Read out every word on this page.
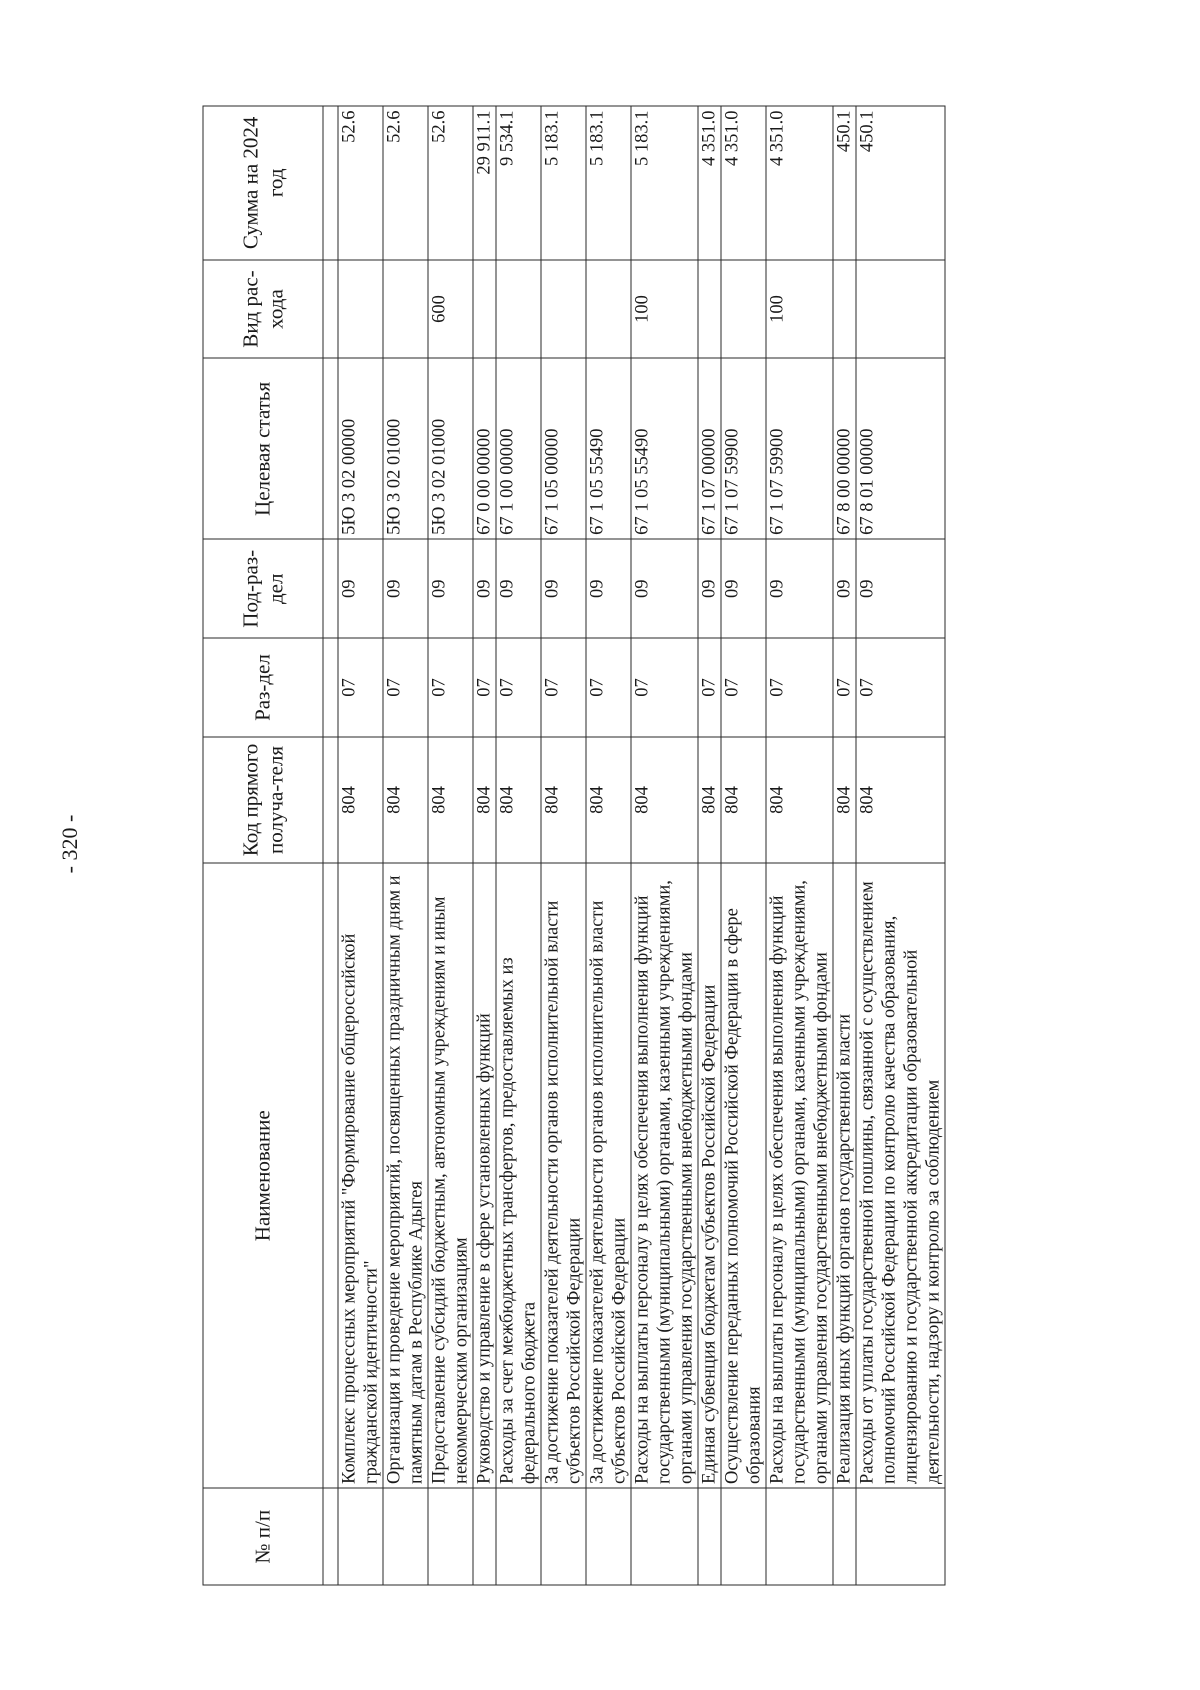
- 320 -
№ п/п	Наименование	Код прямого получа-теля	Раз-дел	Под-раз-дел	Целевая статья	Вид рас-хода	Сумма на 2024 год

	Комплекс процессных мероприятий "Формирование общероссийской гражданской идентичности"	804	07	09	5Ю 3 02 00000		52.6
	Организация и проведение мероприятий, посвященных праздничным дням и памятным датам в Республике Адыгея	804	07	09	5Ю 3 02 01000		52.6
	Предоставление субсидий бюджетным, автономным учреждениям и иным некоммерческим организациям	804	07	09	5Ю 3 02 01000	600	52.6
	Руководство и управление в сфере установленных функций	804	07	09	67 0 00 00000		29 911.1
	Расходы за счет межбюджетных трансфертов, предоставляемых из федерального бюджета	804	07	09	67 1 00 00000		9 534.1
	За достижение показателей деятельности органов исполнительной власти субъектов Российской Федерации	804	07	09	67 1 05 00000		5 183.1
	За достижение показателей деятельности органов исполнительной власти субъектов Российской Федерации	804	07	09	67 1 05 55490		5 183.1
	Расходы на выплаты персоналу в целях обеспечения выполнения функций государственными (муниципальными) органами, казенными учреждениями, органами управления государственными внебюджетными фондами	804	07	09	67 1 05 55490	100	5 183.1
	Единая субвенция бюджетам субъектов Российской Федерации	804	07	09	67 1 07 00000		4 351.0
	Осуществление переданных полномочий Российской Федерации в сфере образования	804	07	09	67 1 07 59900		4 351.0
	Расходы на выплаты персоналу в целях обеспечения выполнения функций государственными (муниципальными) органами, казенными учреждениями, органами управления государственными внебюджетными фондами	804	07	09	67 1 07 59900	100	4 351.0
	Реализация иных функций органов государственной власти	804	07	09	67 8 00 00000		450.1
	Расходы от уплаты государственной пошлины, связанной с осуществлением полномочий Российской Федерации по контролю качества образования, лицензированию и государственной аккредитации образовательной деятельности, надзору и контролю за соблюдением	804	07	09	67 8 01 00000		450.1
